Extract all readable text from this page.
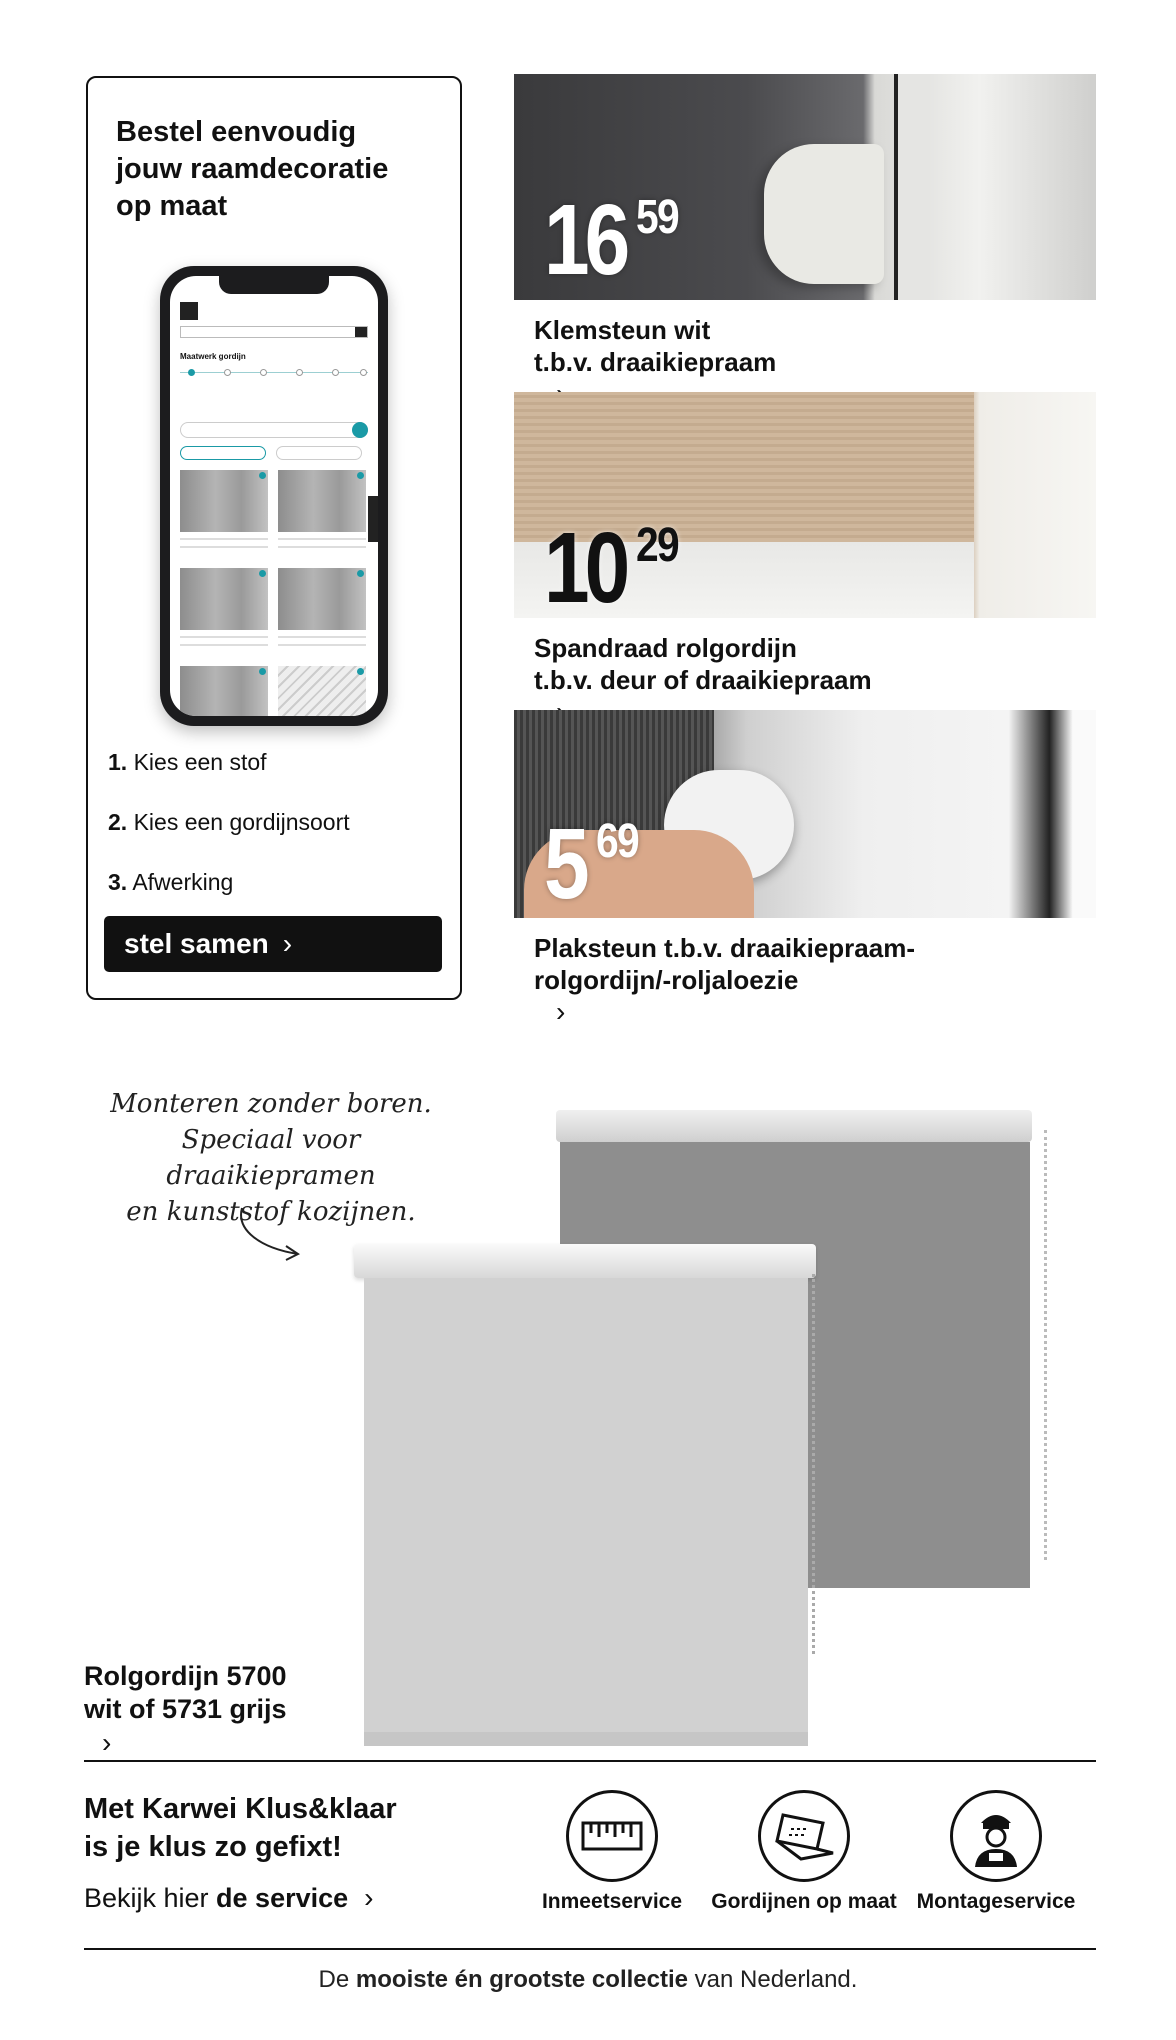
Bestel eenvoudig
jouw raamdecoratie
op maat
Maatwerk gordijn
1. Kies een stof
2. Kies een gordijnsoort
3. Afwerking
stel samen ›
16 59
Klemsteun wit
t.b.v. draaikiepraam
10 29
Spandraad rolgordijn
t.b.v. deur of draaikiepraam
5 69
Plaksteun t.b.v. draaikiepraam-
rolgordijn/-roljaloezie
›
Monteren zonder boren.
Speciaal voor draaikiepramen
en kunststof kozijnen.
Rolgordijn 5700
wit of 5731 grijs
›
Met Karwei Klus&klaar
is je klus zo gefixt!
Bekijk hier de service ›	Inmeetservice	Gordijnen op maat Montageservice
De mooiste én grootste collectie van Nederland.
